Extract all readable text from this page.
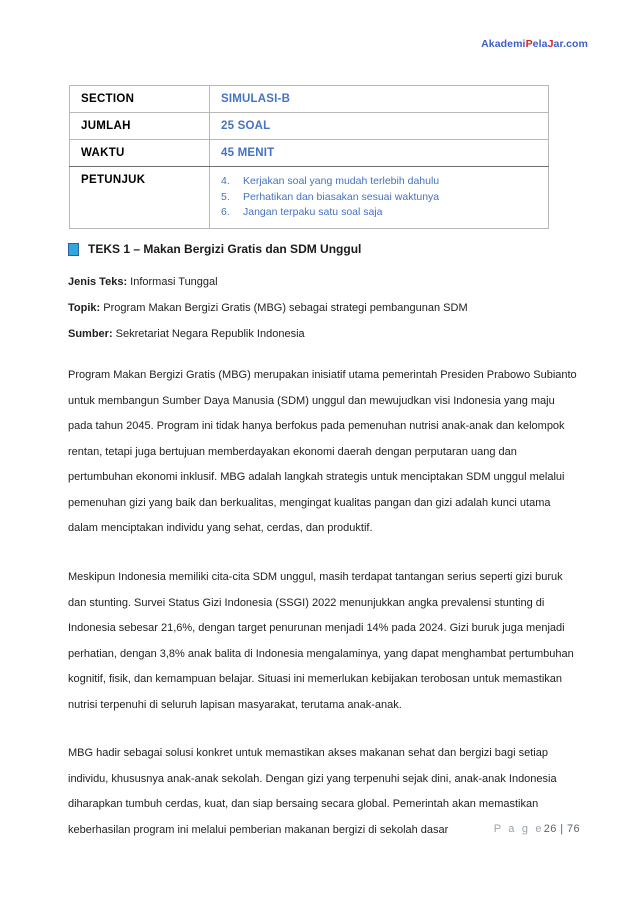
AkademiPelaJar.com
SECTION	SIMULASI-B
JUMLAH	25 SOAL
WAKTU	45 MENIT
PETUNJUK	4. Kerjakan soal yang mudah terlebih dahulu
5. Perhatikan dan biasakan sesuai waktunya
6. Jangan terpaku satu soal saja
TEKS 1 – Makan Bergizi Gratis dan SDM Unggul
Jenis Teks: Informasi Tunggal
Topik: Program Makan Bergizi Gratis (MBG) sebagai strategi pembangunan SDM
Sumber: Sekretariat Negara Republik Indonesia

Program Makan Bergizi Gratis (MBG) merupakan inisiatif utama pemerintah Presiden Prabowo Subianto untuk membangun Sumber Daya Manusia (SDM) unggul dan mewujudkan visi Indonesia yang maju pada tahun 2045. Program ini tidak hanya berfokus pada pemenuhan nutrisi anak-anak dan kelompok rentan, tetapi juga bertujuan memberdayakan ekonomi daerah dengan perputaran uang dan pertumbuhan ekonomi inklusif. MBG adalah langkah strategis untuk menciptakan SDM unggul melalui pemenuhan gizi yang baik dan berkualitas, mengingat kualitas pangan dan gizi adalah kunci utama dalam menciptakan individu yang sehat, cerdas, dan produktif.

Meskipun Indonesia memiliki cita-cita SDM unggul, masih terdapat tantangan serius seperti gizi buruk dan stunting. Survei Status Gizi Indonesia (SSGI) 2022 menunjukkan angka prevalensi stunting di Indonesia sebesar 21,6%, dengan target penurunan menjadi 14% pada 2024. Gizi buruk juga menjadi perhatian, dengan 3,8% anak balita di Indonesia mengalaminya, yang dapat menghambat pertumbuhan kognitif, fisik, dan kemampuan belajar. Situasi ini memerlukan kebijakan terobosan untuk memastikan nutrisi terpenuhi di seluruh lapisan masyarakat, terutama anak-anak.

MBG hadir sebagai solusi konkret untuk memastikan akses makanan sehat dan bergizi bagi setiap individu, khususnya anak-anak sekolah. Dengan gizi yang terpenuhi sejak dini, anak-anak Indonesia diharapkan tumbuh cerdas, kuat, dan siap bersaing secara global. Pemerintah akan memastikan keberhasilan program ini melalui pemberian makanan bergizi di sekolah dasar	P a g e26 | 76
